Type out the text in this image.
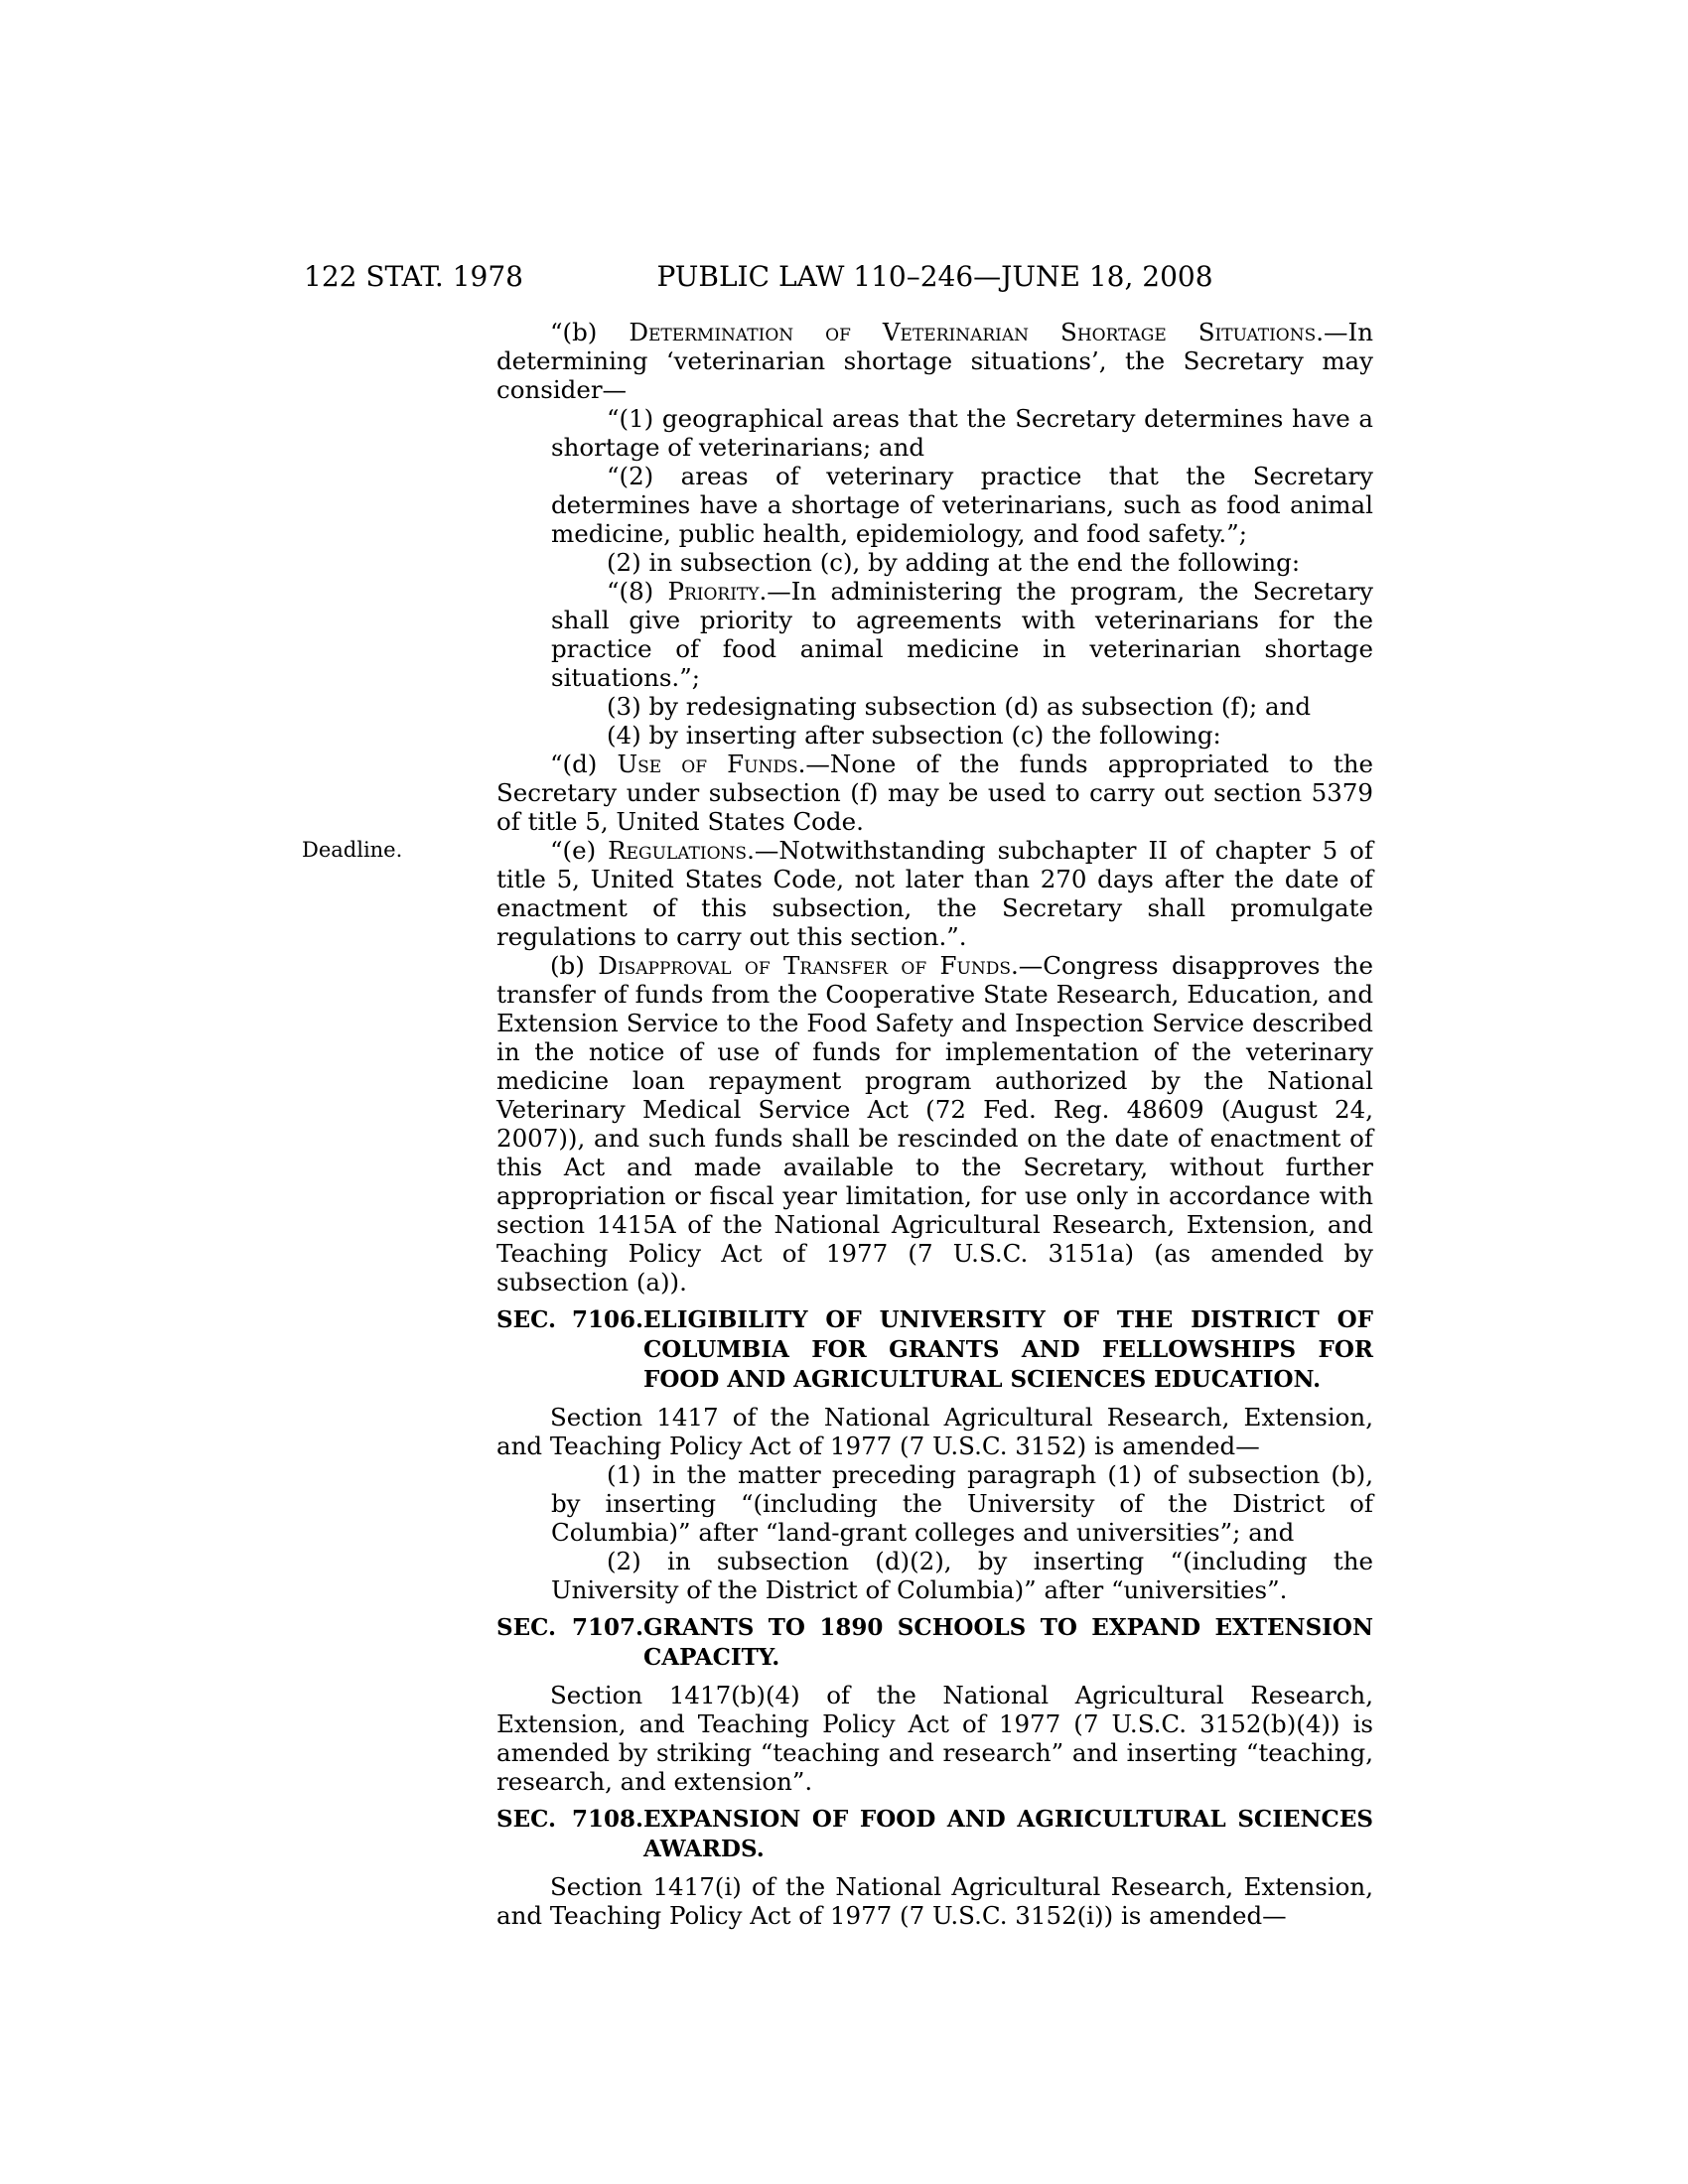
122 STAT. 1978	PUBLIC LAW 110–246—JUNE 18, 2008
“(b) Determination of Veterinarian Shortage Situations.—In determining ‘veterinarian shortage situations’, the Secretary may consider—
“(1) geographical areas that the Secretary determines have a shortage of veterinarians; and
“(2) areas of veterinary practice that the Secretary determines have a shortage of veterinarians, such as food animal medicine, public health, epidemiology, and food safety.”;
(2) in subsection (c), by adding at the end the following:
“(8) Priority.—In administering the program, the Secretary shall give priority to agreements with veterinarians for the practice of food animal medicine in veterinarian shortage situations.”;
(3) by redesignating subsection (d) as subsection (f); and
(4) by inserting after subsection (c) the following:
“(d) Use of Funds.—None of the funds appropriated to the Secretary under subsection (f) may be used to carry out section 5379 of title 5, United States Code.
Deadline.	“(e) Regulations.—Notwithstanding subchapter II of chapter 5 of title 5, United States Code, not later than 270 days after the date of enactment of this subsection, the Secretary shall promulgate regulations to carry out this section.”.
(b) Disapproval of Transfer of Funds.—Congress disapproves the transfer of funds from the Cooperative State Research, Education, and Extension Service to the Food Safety and Inspection Service described in the notice of use of funds for implementation of the veterinary medicine loan repayment program authorized by the National Veterinary Medical Service Act (72 Fed. Reg. 48609 (August 24, 2007)), and such funds shall be rescinded on the date of enactment of this Act and made available to the Secretary, without further appropriation or fiscal year limitation, for use only in accordance with section 1415A of the National Agricultural Research, Extension, and Teaching Policy Act of 1977 (7 U.S.C. 3151a) (as amended by subsection (a)).
SEC. 7106. ELIGIBILITY OF UNIVERSITY OF THE DISTRICT OF COLUMBIA FOR GRANTS AND FELLOWSHIPS FOR FOOD AND AGRICULTURAL SCIENCES EDUCATION.
Section 1417 of the National Agricultural Research, Extension, and Teaching Policy Act of 1977 (7 U.S.C. 3152) is amended—
(1) in the matter preceding paragraph (1) of subsection (b), by inserting “(including the University of the District of Columbia)” after “land-grant colleges and universities”; and
(2) in subsection (d)(2), by inserting “(including the University of the District of Columbia)” after “universities”.
SEC. 7107. GRANTS TO 1890 SCHOOLS TO EXPAND EXTENSION CAPACITY.
Section 1417(b)(4) of the National Agricultural Research, Extension, and Teaching Policy Act of 1977 (7 U.S.C. 3152(b)(4)) is amended by striking “teaching and research” and inserting “teaching, research, and extension”.
SEC. 7108. EXPANSION OF FOOD AND AGRICULTURAL SCIENCES AWARDS.
Section 1417(i) of the National Agricultural Research, Extension, and Teaching Policy Act of 1977 (7 U.S.C. 3152(i)) is amended—
